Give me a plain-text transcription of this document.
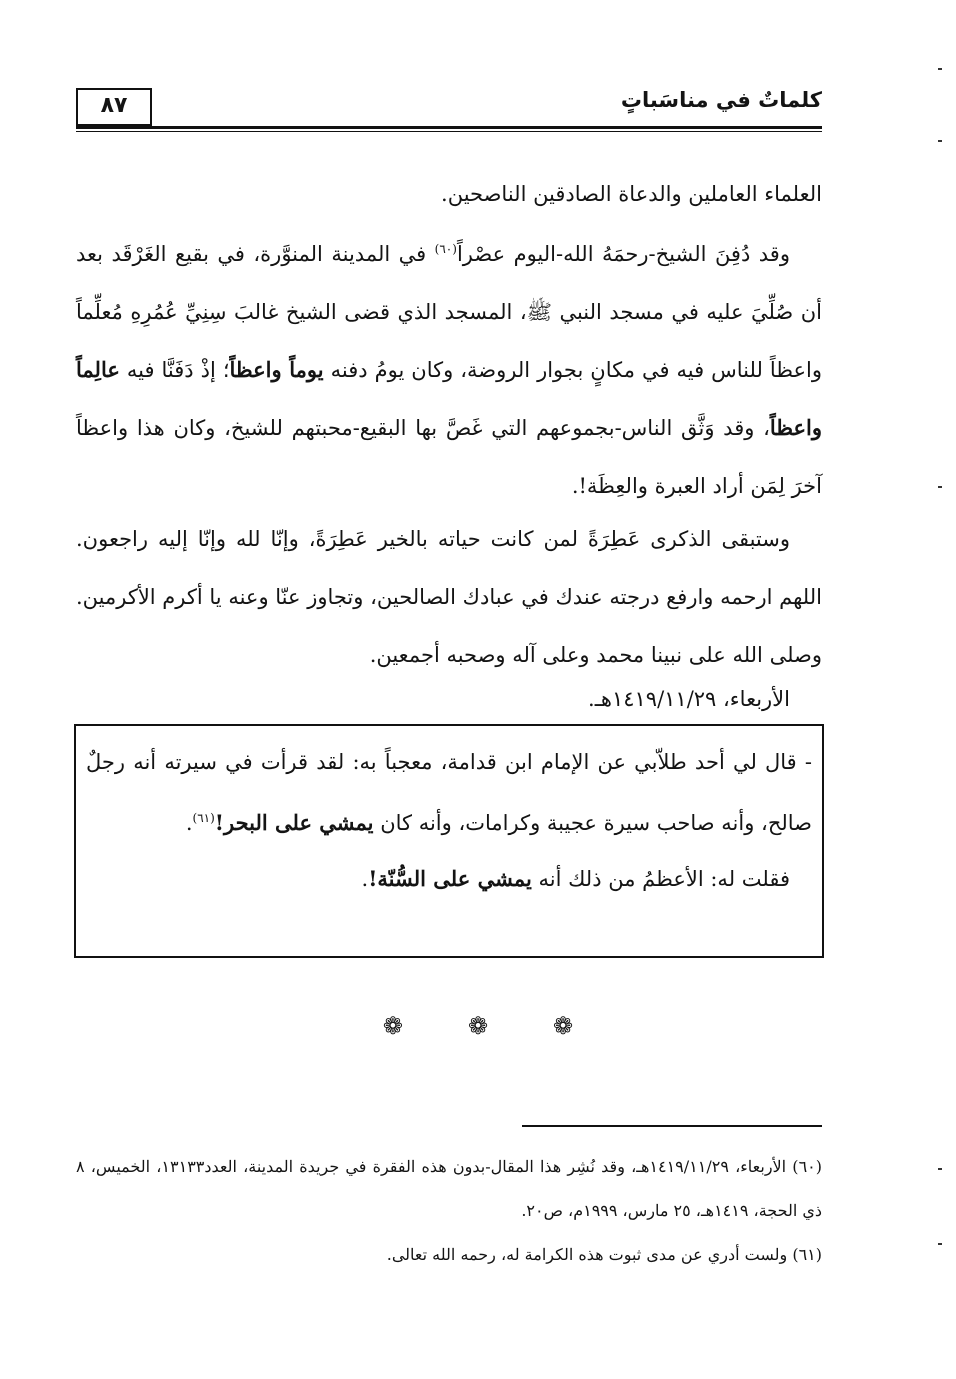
٨٧	كلماتٌ في مناسَباتٍ
العلماء العاملين والدعاة الصادقين الناصحين.
وقد دُفِنَ الشيخ-رحمَهُ الله-اليوم عصْراً$^{(٦٠)}$ في المدينة المنوَّرة، في بقيع الغَرْقَد بعد أن صُلِّيَ عليه في مسجد النبي ﷺ، المسجد الذي قضى الشيخ غالبَ سِنِيِّ عُمُرِهِ مُعلِّماً واعظاً للناس فيه في مكانٍ بجوار الروضة، وكان يومُ دفنه يوماً واعظاً؛ إذْ دَفَنَّا فيه عالِماً واعظاً، وقد وَثَّق الناس-بجموعهم التي غَصَّ بها البقيع-محبتهم للشيخ، وكان هذا واعظاً آخرَ لِمَن أراد العبرة والعِظَة!.
وستبقى الذكرى عَطِرَةً لمن كانت حياته بالخير عَطِرَةً، وإنّا لله وإنّا إليه راجعون. اللهم ارحمه وارفع درجته عندك في عبادك الصالحين، وتجاوز عنّا وعنه يا أكرم الأكرمين. وصلى الله على نبينا محمد وعلى آله وصحبه أجمعين.
الأربعاء، ١٤١٩/١١/٢٩هـ.
- قال لي أحد طلاّبي عن الإمام ابن قدامة، معجباً به: لقد قرأت في سيرته أنه رجلٌ صالح، وأنه صاحب سيرة عجيبة وكرامات، وأنه كان يمشي على البحر!$^{(٦١)}$.
فقلت له: الأعظمُ من ذلك أنه يمشي على السُّنّة!.
❁	❁	❁
(٦٠) الأربعاء، ١٤١٩/١١/٢٩هـ، وقد نُشِر هذا المقال-بدون هذه الفقرة في جريدة المدينة، العدد١٣١٣٣، الخميس، ٨ ذي الحجة، ١٤١٩هـ، ٢٥ مارس، ١٩٩٩م، ص٢٠.
(٦١) ولست أدري عن مدى ثبوت هذه الكرامة له، رحمه الله تعالى.
